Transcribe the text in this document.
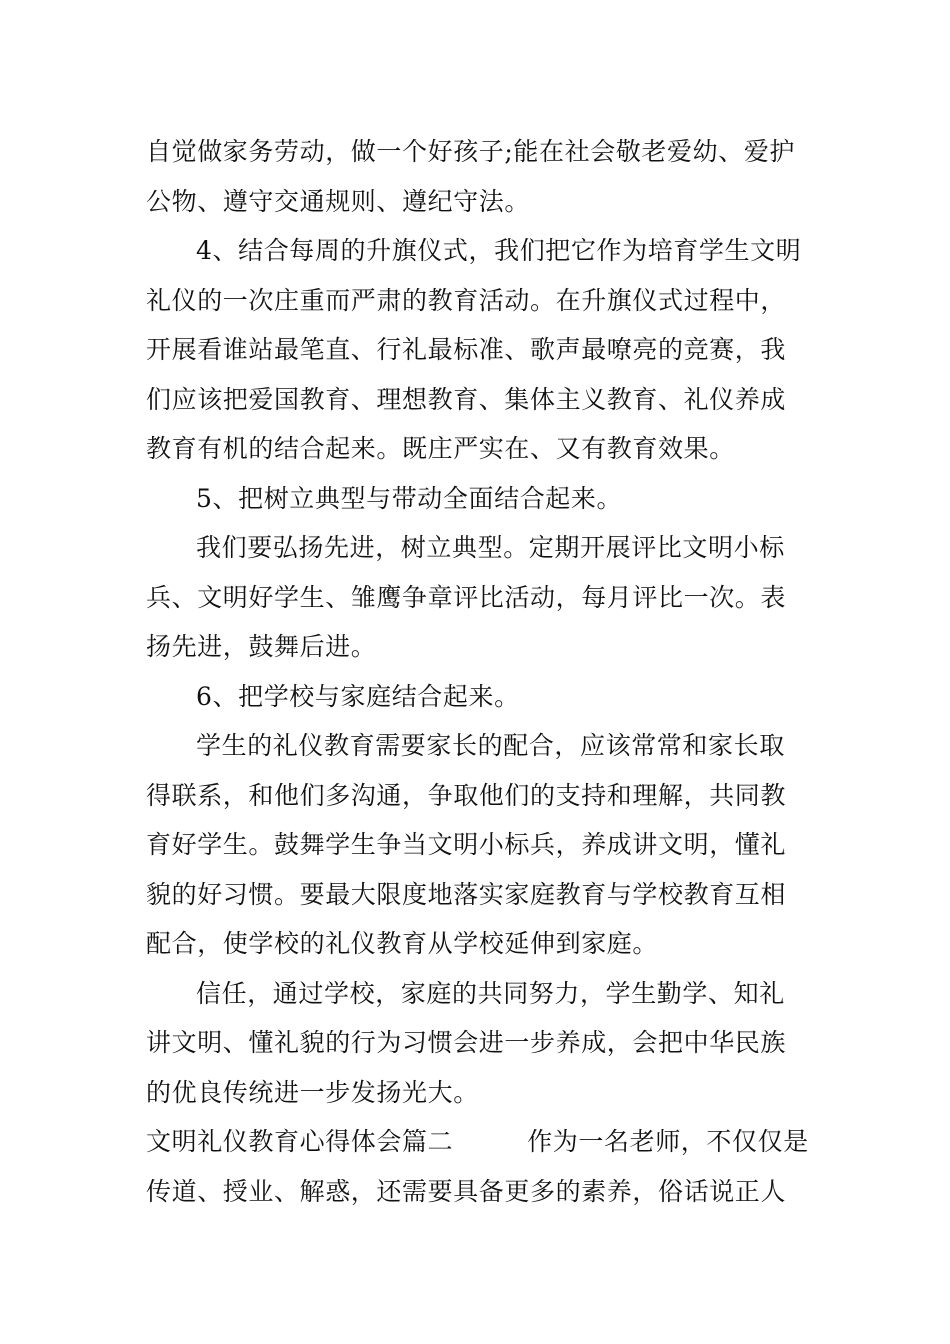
自觉做家务劳动，做一个好孩子;能在社会敬老爱幼、爱护

公物、遵守交通规则、遵纪守法。

4、结合每周的升旗仪式，我们把它作为培育学生文明

礼仪的一次庄重而严肃的教育活动。在升旗仪式过程中，

开展看谁站最笔直、行礼最标准、歌声最嘹亮的竞赛，我

们应该把爱国教育、理想教育、集体主义教育、礼仪养成

教育有机的结合起来。既庄严实在、又有教育效果。

5、把树立典型与带动全面结合起来。

我们要弘扬先进，树立典型。定期开展评比文明小标

兵、文明好学生、雏鹰争章评比活动，每月评比一次。表

扬先进，鼓舞后进。

6、把学校与家庭结合起来。

学生的礼仪教育需要家长的配合，应该常常和家长取

得联系，和他们多沟通，争取他们的支持和理解，共同教

育好学生。鼓舞学生争当文明小标兵，养成讲文明，懂礼

貌的好习惯。要最大限度地落实家庭教育与学校教育互相

配合，使学校的礼仪教育从学校延伸到家庭。

信任，通过学校，家庭的共同努力，学生勤学、知礼

讲文明、懂礼貌的行为习惯会进一步养成，会把中华民族

的优良传统进一步发扬光大。

文明礼仪教育心得体会篇二	作为一名老师，不仅仅是

传道、授业、解惑，还需要具备更多的素养，俗话说正人
